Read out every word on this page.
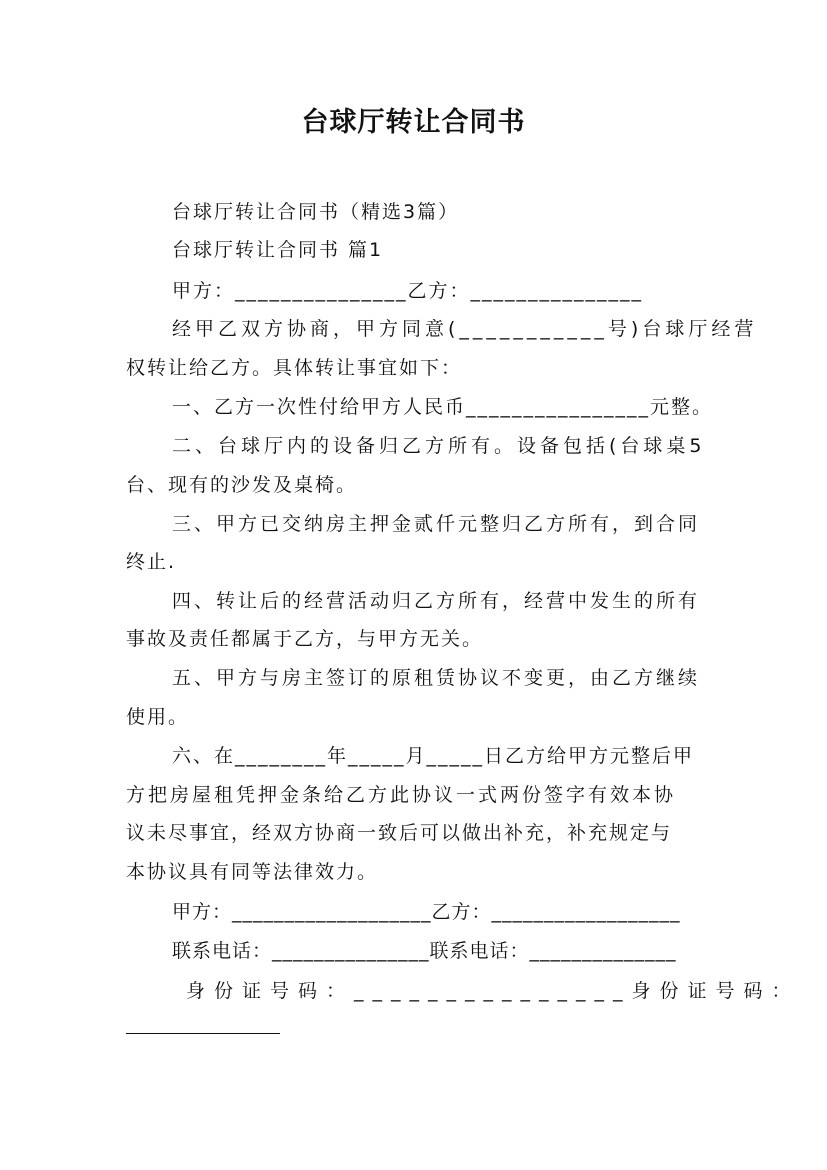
台球厅转让合同书
台球厅转让合同书（精选3篇）
台球厅转让合同书 篇1
甲方：_______________乙方：_______________
经甲乙双方协商，甲方同意(___________号)台球厅经营
权转让给乙方。具体转让事宜如下：
一、乙方一次性付给甲方人民币________________元整。
二、台球厅内的设备归乙方所有。设备包括(台球桌5
台、现有的沙发及桌椅。
三、甲方已交纳房主押金贰仟元整归乙方所有，到合同
终止.
四、转让后的经营活动归乙方所有，经营中发生的所有
事故及责任都属于乙方，与甲方无关。
五、甲方与房主签订的原租赁协议不变更，由乙方继续
使用。
六、在________年_____月_____日乙方给甲方元整后甲
方把房屋租凭押金条给乙方此协议一式两份签字有效本协
议未尽事宜，经双方协商一致后可以做出补充，补充规定与
本协议具有同等法律效力。
甲方：___________________乙方：__________________
联系电话：_______________联系电话：______________
身份证号码：_______________身份证号码：
